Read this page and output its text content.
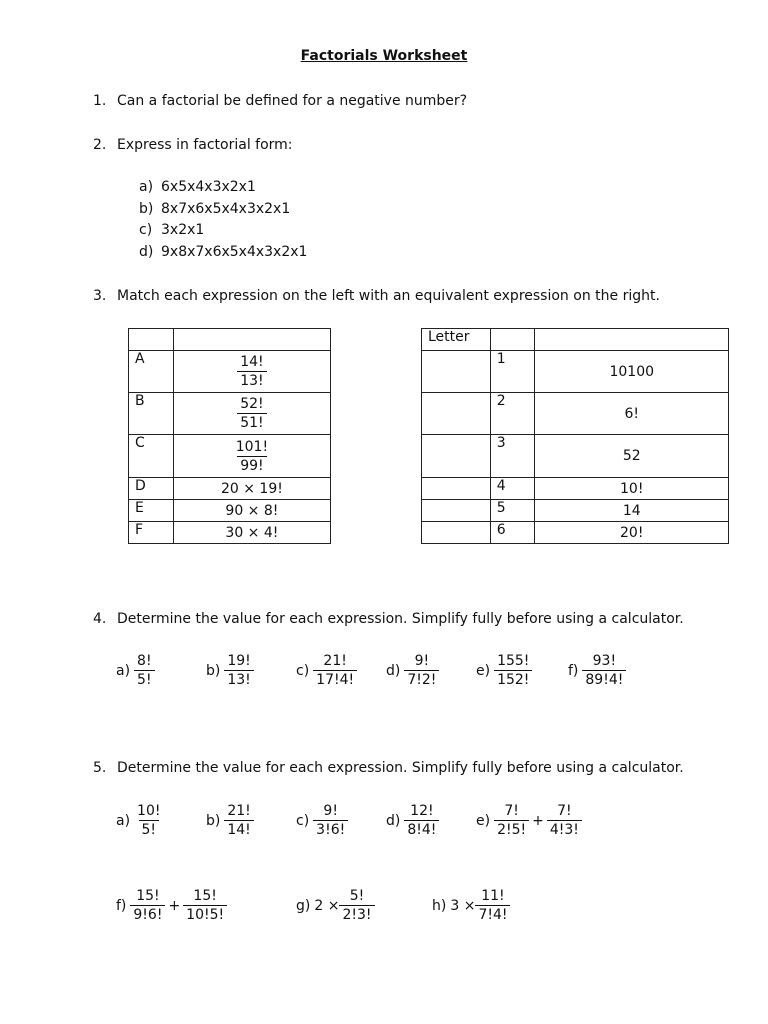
Factorials Worksheet
1. Can a factorial be defined for a negative number?
2. Express in factorial form:
a) 6x5x4x3x2x1
b) 8x7x6x5x4x3x2x1
c) 3x2x1
d) 9x8x7x6x5x4x3x2x1
3. Match each expression on the left with an equivalent expression on the right.

A	$\frac{14!}{13!}$

B	$\frac{52!}{51!}$

C	$\frac{101!}{99!}$

D	20 × 19!
E	90 × 8!
F	30 × 4!
Letter		
	1	10100
	2	6!
	3	52
	4	10!
	5	14
	6	20!
4. Determine the value for each expression. Simplify fully before using a calculator.
$a) \frac{8!}{5!}$	$b) \frac{19!}{13!}$	$c) \frac{21!}{17!4!} d) \frac{9!}{7!2!}$	$e) \frac{155!}{152!}$	$f) \frac{93!}{89!4!}$
5. Determine the value for each expression. Simplify fully before using a calculator.
$a) \frac{10!}{5!}$	$b) \frac{21!}{14!}$	$c) \frac{9!}{3!6!}$	$d) \frac{12!}{8!4!}$	$e) \frac{7!}{2!5!} + \frac{7!}{4!3!}$
$f) \frac{15!}{9!6!} + \frac{15!}{10!5!}$	g) $2 \times \frac{5!}{2!3!}$	h) $3 \times \frac{11!}{7!4!}$
